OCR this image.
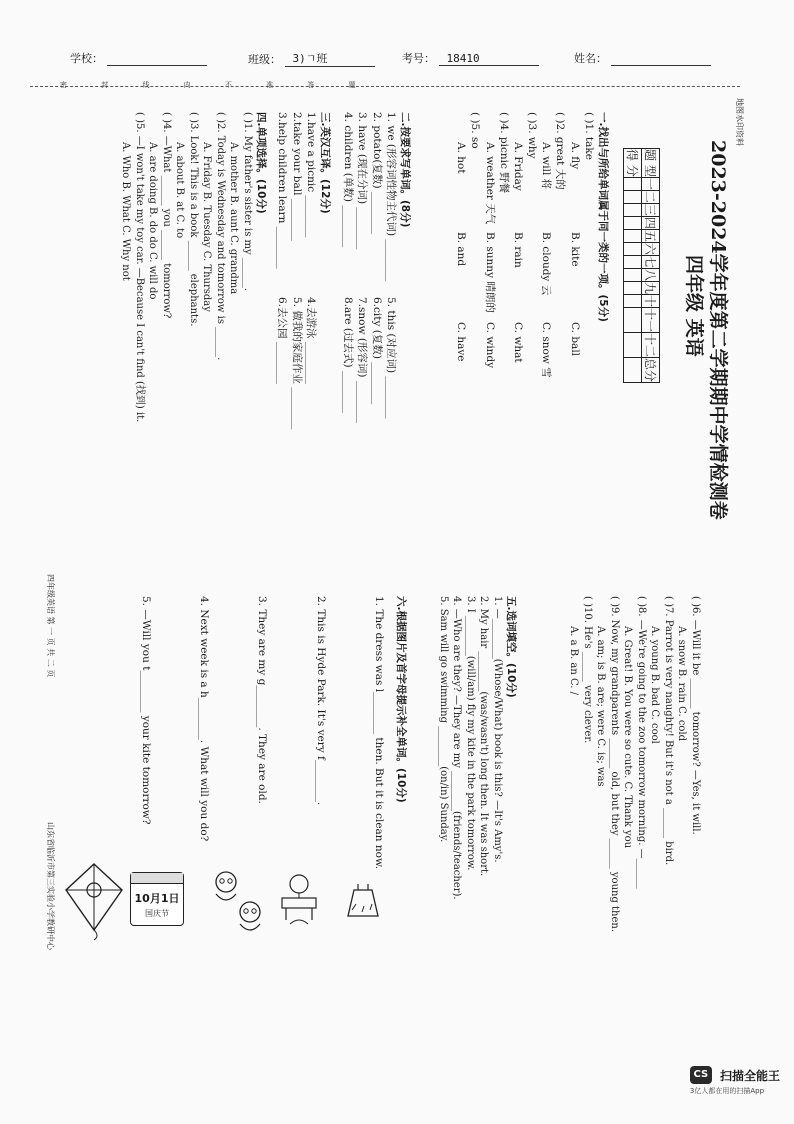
学校：	班级： 3)ㄱ班	考号： 18410	姓名：
密 封 线 内 不 准 答 题
地图水印资料
2023-2024学年度第二学期期中学情检测卷
四年级 英语
题 型	一	二	三	四	五	六	七	八	九	十	十一	十二	总分
得 分													
一.找出与所给单词属于同一类的一项。(5分)
( )1. take
A. flyB. kiteC. ball
( )2. great 大的
A. will 将B. cloudy 云C. snow 雪
( )3. why
A. FridayB. rainC. what
( )4. picnic 野餐
A. weather 天气B. sunny 晴朗的C. windy
( )5. so
A. hotB. andC. have
二.按要求写单词。(8分)
1. we (形容词性物主代词) ________5. this (对应词) ________
2. potato(复数) ________6.city (复数) ________
3. have (现在分词) ________7.snow (形容词) ________
4. children (单数) ________8.are (过去式) ________
三.英汉互译。(12分)
1.have a picnic ________4.去游泳 ________
2.take your ball ________5. 做我的家庭作业 ________
3.help children learn ________6.去公园 ________
四.单项选择。(10分)
( )1. My father's sister is my ______.
A. mother B. aunt C. grandma
( )2. Today is Wednesday and tomorrow is ______.
A. Friday B. Tuesday C. Thursday
( )3. Look! This is a book ______ elephants.
A. about B. at C. to
( )4. —What ______ you ______ tomorrow?
A. are doing B. do do C. will do
( )5. —I won't take my toy car. —Because I can't find (找到) it.
A. Who B. What C. Why not
山东省临沂市第三实验小学教研中心
( )6. —Will it be ______ tomorrow? —Yes, it will.
A. snow B. rain C. cold
( )7. Parrot is very naughty! But it's not a ______ bird.
A. young B. bad C. cool
( )8. —We're going to the zoo tomorrow morning. —______
A. Great! B. You were so cute. C. Thank you
( )9. Now, my grandparents ______ old, but they ______ young then.
A. am; is B. are; were C. is; was
( )10. He's ______ very clever.
A. a B. an C. /
五.选词填空。(10分)
1. —________(Whose/What) book is this? —It's Amy's.
2. My hair ________(was/wasn't) long then. It was short.
3. I ________(will/am) fly my kite in the park tomorrow.
4. —Who are they? —They are my ________(friends/teacher).
5. Sam will go swimming ________(on/in) Sunday.
六.根据图片及首字母提示补全单词。(10分)
1. The dress was l________ then. But it is clean now.
2. This is Hyde Park. It's very f________.
3. They are my g________. They are old.
4. Next week is a h________. What will you do?
5. —Will you t________ your kite tomorrow?
10月1日
国庆节
四年级英语 第 一 页 共 二 页
CS 扫描全能王
3亿人都在用的扫描App
